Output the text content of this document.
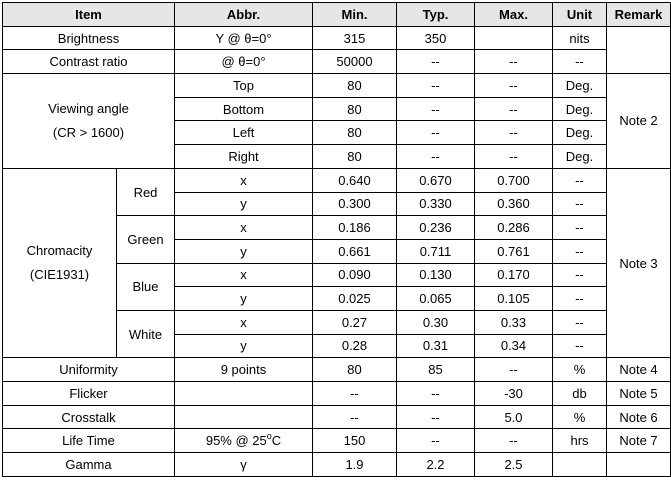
Item		Abbr.	Min.	Typ.	Max.	Unit	Remark
Brightness		Y @ θ=0°	315	350		nits	
Contrast ratio		@ θ=0°	50000	--	--	--	

Viewing angle
(CR > 1600)		Top	80	--	--	Deg.	Note 2
		Bottom	80	--	--	Deg.	
		Left	80	--	--	Deg.	
		Right	80	--	--	Deg.	

Chromacity
(CIE1931)	Red	x	0.640	0.670	0.700	--	Note 3
		y	0.300	0.330	0.360	--	
	Green	x	0.186	0.236	0.286	--	
		y	0.661	0.711	0.761	--	
	Blue	x	0.090	0.130	0.170	--	
		y	0.025	0.065	0.105	--	
	White	x	0.27	0.30	0.33	--	
		y	0.28	0.31	0.34	--	
Uniformity		9 points	80	85	--	%	Note 4
Flicker			--	--	-30	db	Note 5
Crosstalk			--	--	5.0	%	Note 6
Life Time		95% @ 25$^o$C	150	--	--	hrs	Note 7
Gamma		γ	1.9	2.2	2.5		
